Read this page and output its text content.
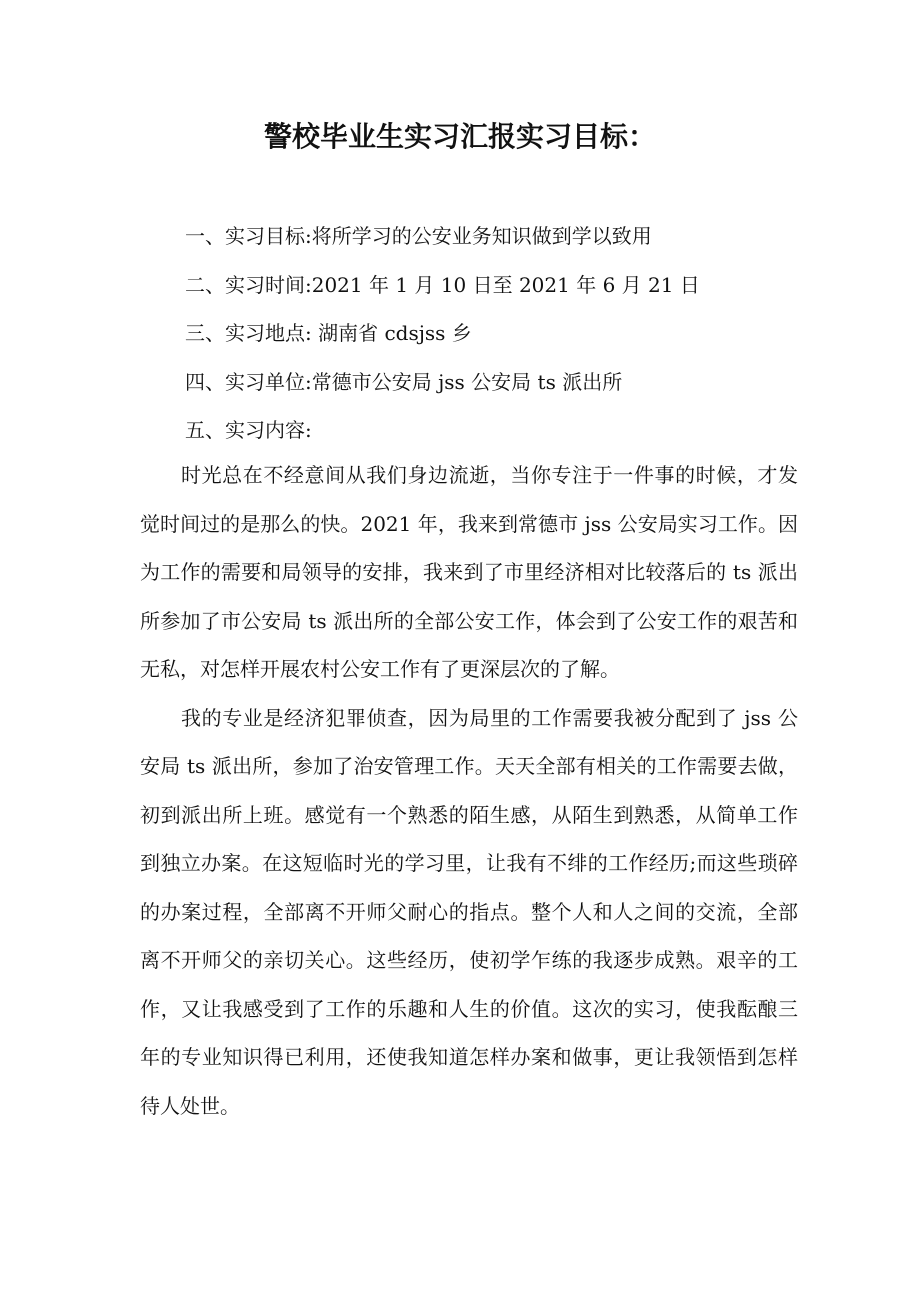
警校毕业生实习汇报实习目标：
一、实习目标:将所学习的公安业务知识做到学以致用
二、实习时间:2021 年 1 月 10 日至 2021 年 6 月 21 日
三、实习地点: 湖南省 cdsjss 乡
四、实习单位:常德市公安局 jss 公安局 ts 派出所
五、实习内容:

时光总在不经意间从我们身边流逝，当你专注于一件事的时候，才发觉时间过的是那么的快。2021 年，我来到常德市 jss 公安局实习工作。因为工作的需要和局领导的安排，我来到了市里经济相对比较落后的 ts 派出所参加了市公安局 ts 派出所的全部公安工作，体会到了公安工作的艰苦和无私，对怎样开展农村公安工作有了更深层次的了解。

我的专业是经济犯罪侦查，因为局里的工作需要我被分配到了 jss 公安局 ts 派出所，参加了治安管理工作。天天全部有相关的工作需要去做，初到派出所上班。感觉有一个熟悉的陌生感，从陌生到熟悉，从简单工作到独立办案。在这短临时光的学习里，让我有不绯的工作经历;而这些琐碎的办案过程，全部离不开师父耐心的指点。整个人和人之间的交流，全部离不开师父的亲切关心。这些经历，使初学乍练的我逐步成熟。艰辛的工作，又让我感受到了工作的乐趣和人生的价值。这次的实习，使我酝酿三年的专业知识得已利用，还使我知道怎样办案和做事，更让我领悟到怎样待人处世。
